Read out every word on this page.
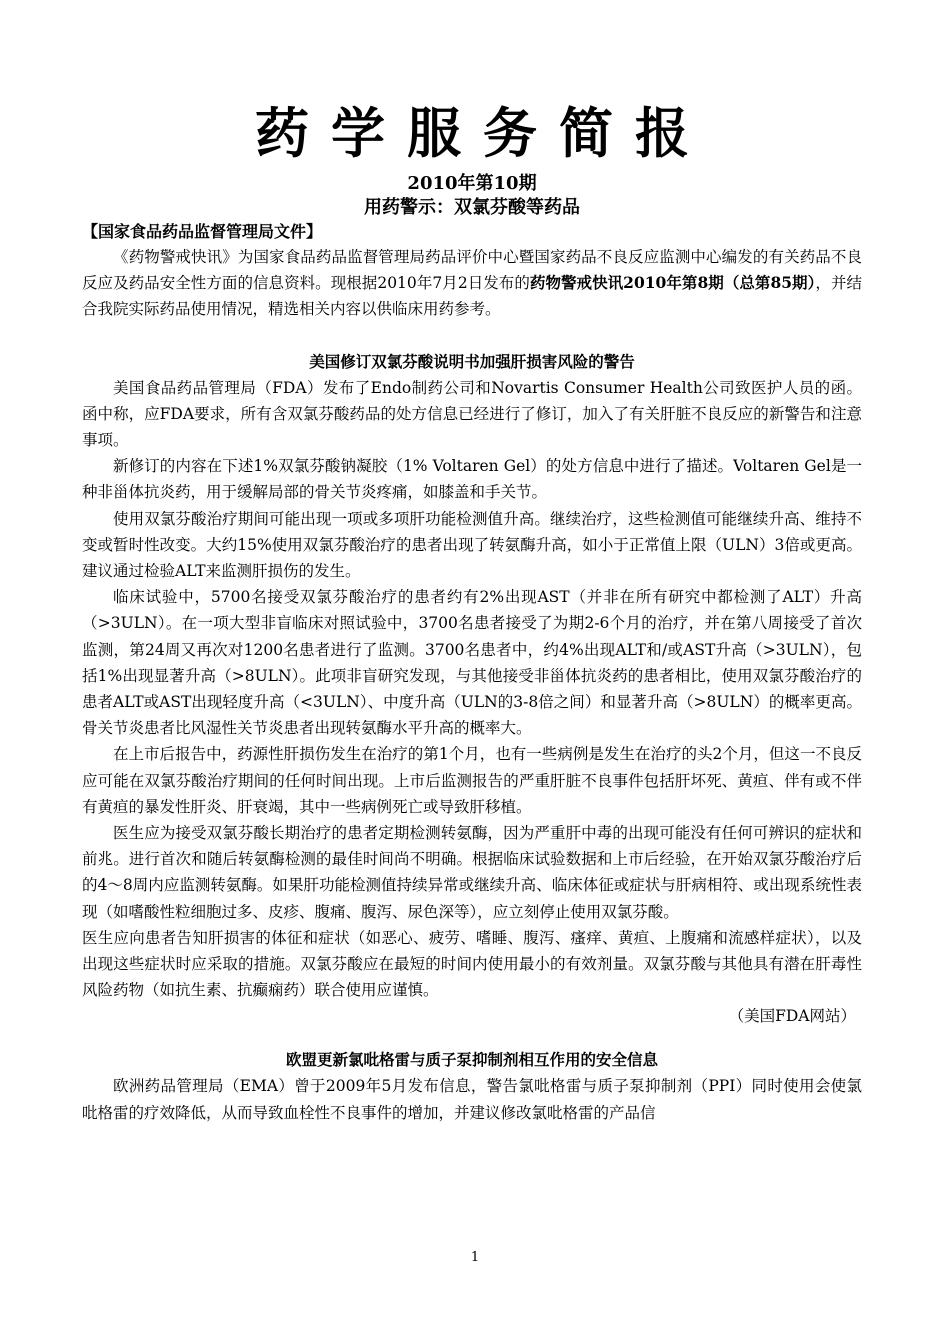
药学服务简报
2010年第10期
用药警示：双氯芬酸等药品
【国家食品药品监督管理局文件】

《药物警戒快讯》为国家食品药品监督管理局药品评价中心暨国家药品不良反应监测中心编发的有关药品不良反应及药品安全性方面的信息资料。现根据2010年7月2日发布的药物警戒快讯2010年第8期（总第85期），并结合我院实际药品使用情况，精选相关内容以供临床用药参考。

美国修订双氯芬酸说明书加强肝损害风险的警告

美国食品药品管理局（FDA）发布了Endo制药公司和Novartis Consumer Health公司致医护人员的函。函中称，应FDA要求，所有含双氯芬酸药品的处方信息已经进行了修订，加入了有关肝脏不良反应的新警告和注意事项。

新修订的内容在下述1%双氯芬酸钠凝胶（1% Voltaren Gel）的处方信息中进行了描述。Voltaren Gel是一种非甾体抗炎药，用于缓解局部的骨关节炎疼痛，如膝盖和手关节。

使用双氯芬酸治疗期间可能出现一项或多项肝功能检测值升高。继续治疗，这些检测值可能继续升高、维持不变或暂时性改变。大约15%使用双氯芬酸治疗的患者出现了转氨酶升高，如小于正常值上限（ULN）3倍或更高。建议通过检验ALT来监测肝损伤的发生。

临床试验中，5700名接受双氯芬酸治疗的患者约有2%出现AST（并非在所有研究中都检测了ALT）升高（>3ULN）。在一项大型非盲临床对照试验中，3700名患者接受了为期2-6个月的治疗，并在第八周接受了首次监测，第24周又再次对1200名患者进行了监测。3700名患者中，约4%出现ALT和/或AST升高（>3ULN），包括1%出现显著升高（>8ULN）。此项非盲研究发现，与其他接受非甾体抗炎药的患者相比，使用双氯芬酸治疗的患者ALT或AST出现轻度升高（<3ULN）、中度升高（ULN的3-8倍之间）和显著升高（>8ULN）的概率更高。骨关节炎患者比风湿性关节炎患者出现转氨酶水平升高的概率大。

在上市后报告中，药源性肝损伤发生在治疗的第1个月，也有一些病例是发生在治疗的头2个月，但这一不良反应可能在双氯芬酸治疗期间的任何时间出现。上市后监测报告的严重肝脏不良事件包括肝坏死、黄疸、伴有或不伴有黄疸的暴发性肝炎、肝衰竭，其中一些病例死亡或导致肝移植。

医生应为接受双氯芬酸长期治疗的患者定期检测转氨酶，因为严重肝中毒的出现可能没有任何可辨识的症状和前兆。进行首次和随后转氨酶检测的最佳时间尚不明确。根据临床试验数据和上市后经验，在开始双氯芬酸治疗后的4～8周内应监测转氨酶。如果肝功能检测值持续异常或继续升高、临床体征或症状与肝病相符、或出现系统性表现（如嗜酸性粒细胞过多、皮疹、腹痛、腹泻、尿色深等），应立刻停止使用双氯芬酸。

医生应向患者告知肝损害的体征和症状（如恶心、疲劳、嗜睡、腹泻、瘙痒、黄疸、上腹痛和流感样症状），以及出现这些症状时应采取的措施。双氯芬酸应在最短的时间内使用最小的有效剂量。双氯芬酸与其他具有潜在肝毒性风险药物（如抗生素、抗癫痫药）联合使用应谨慎。

（美国FDA网站）
欧盟更新氯吡格雷与质子泵抑制剂相互作用的安全信息

欧洲药品管理局（EMA）曾于2009年5月发布信息，警告氯吡格雷与质子泵抑制剂（PPI）同时使用会使氯吡格雷的疗效降低，从而导致血栓性不良事件的增加，并建议修改氯吡格雷的产品信

1
